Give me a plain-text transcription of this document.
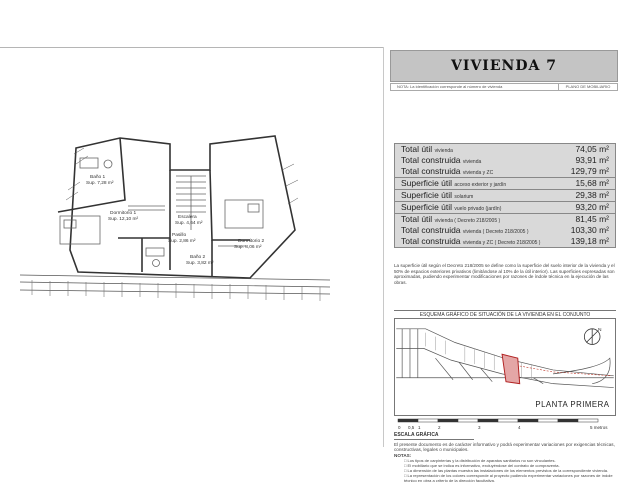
Baño 1
Sup. 7,28 m²
Dormitorio 1
Sup. 12,10 m²	Escalera
Sup. 4,64 m²
Pasillo
Sup. 2,86 m²
Baño 2
Sup. 3,82 m²
Dormitorio 2
Sup. 8,06 m²
VIVIENDA 7
NOTA: La identificación corresponde al número de vivienda	PLANO DE MOBILIARIO
Total útil vivienda	74,05 m²
Total construida vivienda	93,91 m²
Total construida vivienda y ZC	129,79 m²
Superficie útil acceso exterior y jardín	15,68 m²
Superficie útil solarium	29,38 m²
Superficie útil vuelo privado (jardín)	93,20 m²
Total útil vivienda ( Decreto 218/2005 )	81,45 m²
Total construida vivienda ( Decreto 218/2005 )	103,30 m²
Total construida vivienda y ZC ( Decreto 218/2005 )	139,18 m²
La superficie útil según el Decreto 218/2005 se define como la superficie del suelo interior de la vivienda y el 50% de espacios exteriores privativos (limitándose al 10% de la útil interior). Las superficies expresadas son aproximadas, pudiendo experimentar modificaciones por razones de índole técnica en la ejecución de las obras.
ESQUEMA GRÁFICO DE SITUACIÓN DE LA VIVIENDA EN EL CONJUNTO
N
PLANTA PRIMERA
0 0,5 1	2	3	4	5 metros
ESCALA GRÁFICA
El presente documento es de carácter informativo y podrá experimentar variaciones por exigencias técnicas, constructivas, legales o municipales.
NOTAS:
□ Los tipos de carpinterías y la distribución de aparatos sanitarios no son vinculantes.
□ El mobiliario que se indica es informativo, excluyéndose del contrato de compraventa.
□ La dimensión de las plantas muestra las instalaciones de los elementos previstos de la correspondiente vivienda.
□ La representación de los colores corresponde al proyecto pudiendo experimentar variaciones por razones de índole técnico en obra a criterio de la dirección facultativa.
